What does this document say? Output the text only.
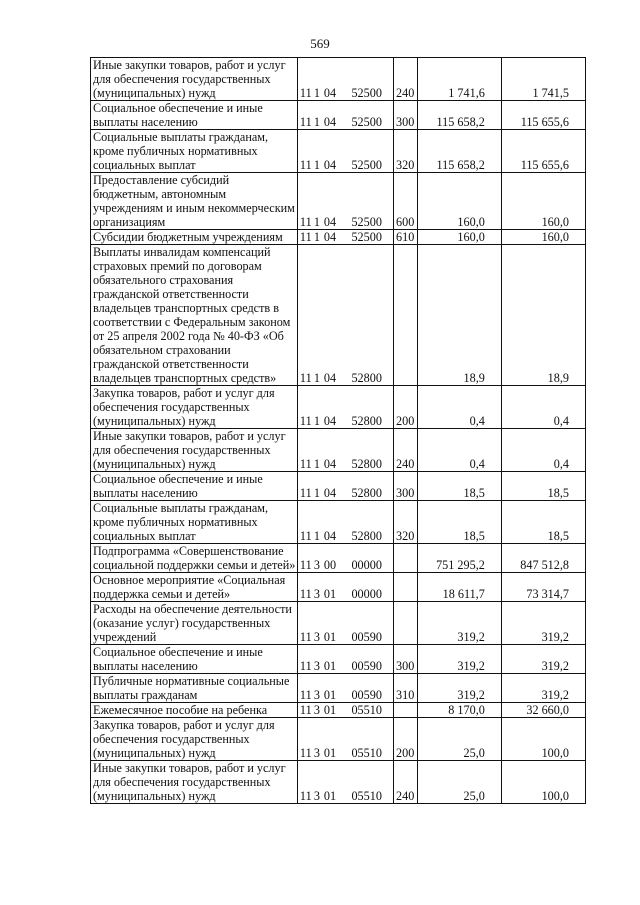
569
Иные закупки товаров, работ и услуг для обеспечения государственных (муниципальных) нужд	11 1 04 52500	240	1 741,6	1 741,5
Социальное обеспечение и иные выплаты населению	11 1 04 52500	300	115 658,2	115 655,6
Социальные выплаты гражданам, кроме публичных нормативных социальных выплат	11 1 04 52500	320	115 658,2	115 655,6
Предоставление субсидий бюджетным, автономным учреждениям и иным некоммерческим организациям	11 1 04 52500	600	160,0	160,0
Субсидии бюджетным учреждениям	11 1 04 52500	610	160,0	160,0
Выплаты инвалидам компенсаций страховых премий по договорам обязательного страхования гражданской ответственности владельцев транспортных средств в соответствии с Федеральным законом от 25 апреля 2002 года № 40-ФЗ «Об обязательном страховании гражданской ответственности владельцев транспортных средств»	11 1 04 52800		18,9	18,9
Закупка товаров, работ и услуг для обеспечения государственных (муниципальных) нужд	11 1 04 52800	200	0,4	0,4
Иные закупки товаров, работ и услуг для обеспечения государственных (муниципальных) нужд	11 1 04 52800	240	0,4	0,4
Социальное обеспечение и иные выплаты населению	11 1 04 52800	300	18,5	18,5
Социальные выплаты гражданам, кроме публичных нормативных социальных выплат	11 1 04 52800	320	18,5	18,5
Подпрограмма «Совершенствование социальной поддержки семьи и детей»	11 3 00 00000		751 295,2	847 512,8
Основное мероприятие «Социальная поддержка семьи и детей»	11 3 01 00000		18 611,7	73 314,7
Расходы на обеспечение деятельности (оказание услуг) государственных учреждений	11 3 01 00590		319,2	319,2
Социальное обеспечение и иные выплаты населению	11 3 01 00590	300	319,2	319,2
Публичные нормативные социальные выплаты гражданам	11 3 01 00590	310	319,2	319,2
Ежемесячное пособие на ребенка	11 3 01 05510		8 170,0	32 660,0
Закупка товаров, работ и услуг для обеспечения государственных (муниципальных) нужд	11 3 01 05510	200	25,0	100,0
Иные закупки товаров, работ и услуг для обеспечения государственных (муниципальных) нужд	11 3 01 05510	240	25,0	100,0
